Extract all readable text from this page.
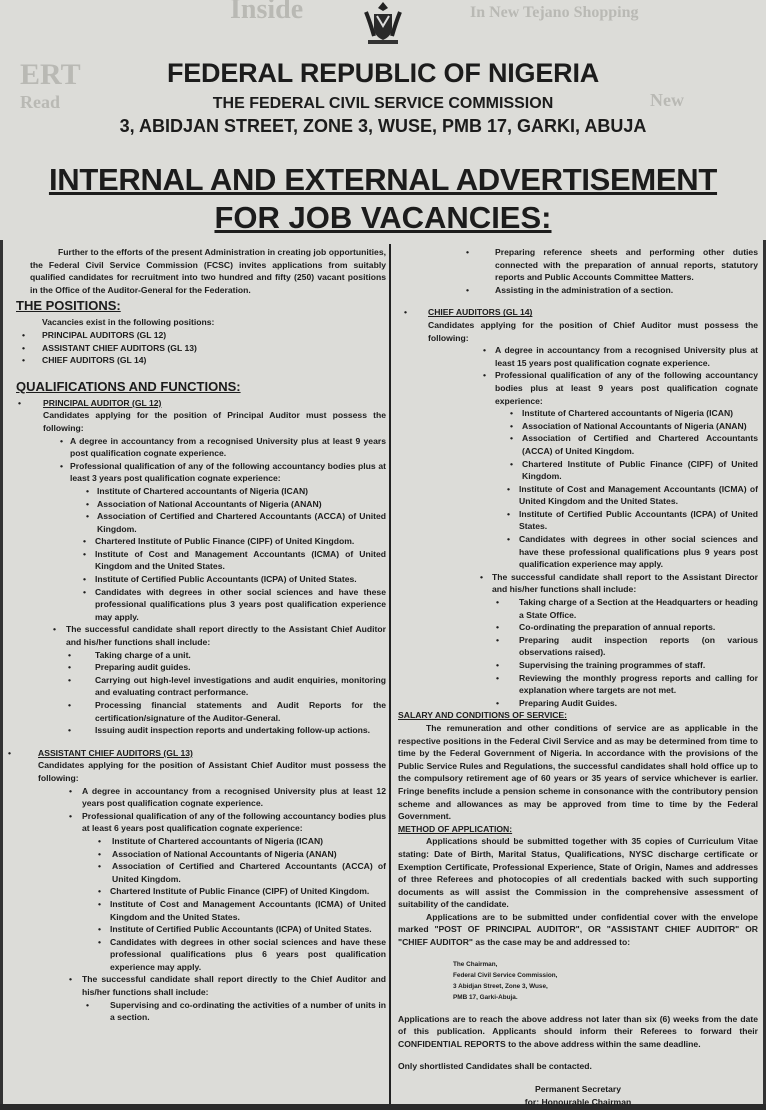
ERT
Inside
New
In New Tejano Shopping
Read
FEDERAL REPUBLIC OF NIGERIA
THE FEDERAL CIVIL SERVICE COMMISSION
3, ABIDJAN STREET, ZONE 3, WUSE, PMB 17, GARKI, ABUJA
INTERNAL AND EXTERNAL ADVERTISEMENT
FOR JOB VACANCIES:
Further to the efforts of the present Administration in creating job opportunities, the Federal Civil Service Commission (FCSC) invites applications from suitably qualified candidates for recruitment into two hundred and fifty (250) vacant positions in the Office of the Auditor-General for the Federation.
THE POSITIONS:
Vacancies exist in the following positions:
• PRINCIPAL AUDITORS (GL 12)
• ASSISTANT CHIEF AUDITORS (GL 13)
• CHIEF AUDITORS (GL 14)
QUALIFICATIONS AND FUNCTIONS:
•	PRINCIPAL AUDITOR (GL 12)
Candidates applying for the position of Principal Auditor must possess the following:
• A degree in accountancy from a recognised University plus at least 9 years post qualification cognate experience.
• Professional qualification of any of the following accountancy bodies plus at least 3 years post qualification cognate experience:
• Institute of Chartered accountants of Nigeria (ICAN)
• Association of National Accountants of Nigeria (ANAN)
• Association of Certified and Chartered Accountants (ACCA) of United Kingdom.
• Chartered Institute of Public Finance (CIPF) of United Kingdom.
• Institute of Cost and Management Accountants (ICMA) of United Kingdom and the United States.
• Institute of Certified Public Accountants (ICPA) of United States.
• Candidates with degrees in other social sciences and have these professional qualifications plus 3 years post qualification experience may apply.
• The successful candidate shall report directly to the Assistant Chief Auditor and his/her functions shall include:
•	Taking charge of a unit.
•	Preparing audit guides.
•	Carrying out high-level investigations and audit enquiries, monitoring and evaluating contract performance.
•	Processing financial statements and Audit Reports for the certification/signature of the Auditor-General.
•	Issuing audit inspection reports and undertaking follow-up actions.
•	ASSISTANT CHIEF AUDITORS (GL 13)
Candidates applying for the position of Assistant Chief Auditor must possess the following:
• A degree in accountancy from a recognised University plus at least 12 years post qualification cognate experience.
• Professional qualification of any of the following accountancy bodies plus at least 6 years post qualification cognate experience:
• Institute of Chartered accountants of Nigeria (ICAN)
• Association of National Accountants of Nigeria (ANAN)
• Association of Certified and Chartered Accountants (ACCA) of United Kingdom.
• Chartered Institute of Public Finance (CIPF) of United Kingdom.
• Institute of Cost and Management Accountants (ICMA) of United Kingdom and the United States.
• Institute of Certified Public Accountants (ICPA) of United States.
• Candidates with degrees in other social sciences and have these professional qualifications plus 6 years post qualification experience may apply.
• The successful candidate shall report directly to the Chief Auditor and his/her functions shall include:
• Supervising and co-ordinating the activities of a number of units in a section.
•	Preparing reference sheets and performing other duties connected with the preparation of annual reports, statutory reports and Public Accounts Committee Matters.
•	Assisting in the administration of a section.
• CHIEF AUDITORS (GL 14)
Candidates applying for the position of Chief Auditor must possess the following:
• A degree in accountancy from a recognised University plus at least 15 years post qualification cognate experience.
• Professional qualification of any of the following accountancy bodies plus at least 9 years post qualification cognate experience:
• Institute of Chartered accountants of Nigeria (ICAN)
• Association of National Accountants of Nigeria (ANAN)
• Association of Certified and Chartered Accountants (ACCA) of United Kingdom.
• Chartered Institute of Public Finance (CIPF) of United Kingdom.
• Institute of Cost and Management Accountants (ICMA) of United Kingdom and the United States.
• Institute of Certified Public Accountants (ICPA) of United States.
• Candidates with degrees in other social sciences and have these professional qualifications plus 9 years post qualification experience may apply.
• The successful candidate shall report to the Assistant Director and his/her functions shall include:
• Taking charge of a Section at the Headquarters or heading a State Office.
• Co-ordinating the preparation of annual reports.
• Preparing audit inspection reports (on various observations raised).
• Supervising the training programmes of staff.
• Reviewing the monthly progress reports and calling for explanation where targets are not met.
• Preparing Audit Guides.
SALARY AND CONDITIONS OF SERVICE:
The remuneration and other conditions of service are as applicable in the respective positions in the Federal Civil Service and as may be determined from time to time by the Federal Government of Nigeria. In accordance with the provisions of the Public Service Rules and Regulations, the successful candidates shall hold office up to the compulsory retirement age of 60 years or 35 years of service whichever is earlier. Fringe benefits include a pension scheme in consonance with the contributory pension scheme and allowances as may be approved from time to time by the Federal Government.
METHOD OF APPLICATION:
Applications should be submitted together with 35 copies of Curriculum Vitae stating: Date of Birth, Marital Status, Qualifications, NYSC discharge certificate or Exemption Certificate, Professional Experience, State of Origin, Names and addresses of three Referees and photocopies of all credentials backed with such supporting documents as will assist the Commission in the comprehensive assessment of suitability of the candidate.
Applications are to be submitted under confidential cover with the envelope marked "POST OF PRINCIPAL AUDITOR", OR "ASSISTANT CHIEF AUDITOR" OR "CHIEF AUDITOR" as the case may be and addressed to:
The Chairman,
Federal Civil Service Commission,
3 Abidjan Street, Zone 3, Wuse,
PMB 17, Garki-Abuja.
Applications are to reach the above address not later than six (6) weeks from the date of this publication. Applicants should inform their Referees to forward their CONFIDENTIAL REPORTS to the above address within the same deadline.
Only shortlisted Candidates shall be contacted.
Permanent Secretary
for: Honourable Chairman
